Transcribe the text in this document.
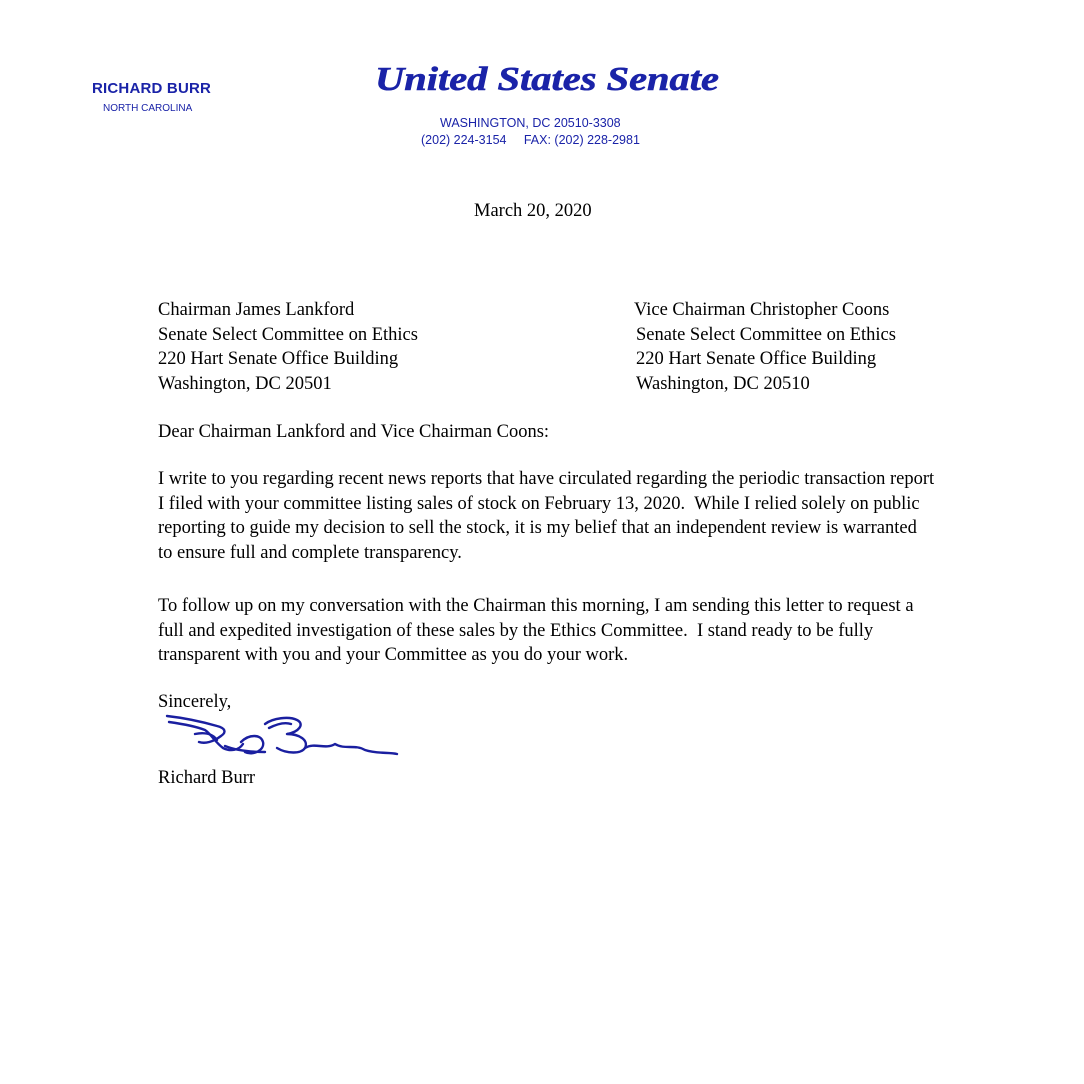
RICHARD BURR
NORTH CAROLINA
United States Senate
WASHINGTON, DC 20510-3308
(202) 224-3154 FAX: (202) 228-2981
March 20, 2020
Chairman James Lankford
Senate Select Committee on Ethics
220 Hart Senate Office Building
Washington, DC 20501
Vice Chairman Christopher Coons
Senate Select Committee on Ethics
220 Hart Senate Office Building
Washington, DC 20510
Dear Chairman Lankford and Vice Chairman Coons:
I write to you regarding recent news reports that have circulated regarding the periodic transaction report
I filed with your committee listing sales of stock on February 13, 2020.  While I relied solely on public
reporting to guide my decision to sell the stock, it is my belief that an independent review is warranted
to ensure full and complete transparency.
To follow up on my conversation with the Chairman this morning, I am sending this letter to request a
full and expedited investigation of these sales by the Ethics Committee.  I stand ready to be fully
transparent with you and your Committee as you do your work.
Sincerely,
Richard Burr
